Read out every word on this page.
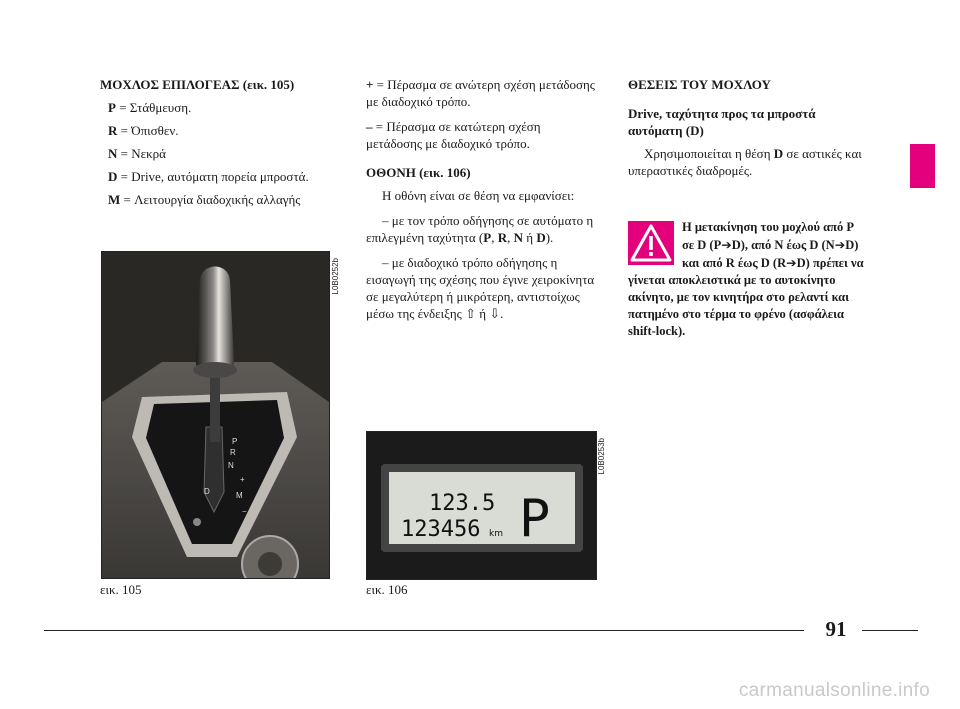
ΜΟΧΛΟΣ ΕΠΙΛΟΓΕΑΣ (εικ. 105)

P = Στάθμευση.

R = Όπισθεν.

N = Νεκρά

D = Drive, αυτόματη πορεία μπροστά.

M = Λειτουργία διαδοχικής αλλαγής

P
R
N
D	M
+
−
L0B0252b
εικ. 105

+ = Πέρασμα σε ανώτερη σχέση μετάδοσης με διαδοχικό τρόπο.

– = Πέρασμα σε κατώτερη σχέση μετάδοσης με διαδοχικό τρόπο.

ΟΘΟΝΗ (εικ. 106)

Η οθόνη είναι σε θέση να εμφανίσει:

– με τον τρόπο οδήγησης σε αυτόματο η επιλεγμένη ταχύτητα (P, R, N ή D).

– με διαδοχικό τρόπο οδήγησης η εισαγωγή της σχέσης που έγινε χειροκίνητα σε μεγαλύτερη ή μικρότερη, αντιστοίχως μέσω της ένδειξης ⇧ ή ⇩.

123.5
123456 km P
L0B0253b
εικ. 106

ΘΕΣΕΙΣ ΤΟΥ ΜΟΧΛΟΥ

Drive, ταχύτητα προς τα μπροστά αυτόματη (D)

Χρησιμοποιείται η θέση D σε αστικές και υπεραστικές διαδρομές.

Η μετακίνηση του μοχλού από P σε D (P➔D), από N έως D (N➔D) και από R έως D (R➔D) πρέπει να γίνεται αποκλειστικά με το αυτοκίνητο ακίνητο, με τον κινητήρα στο ρελαντί και πατημένο στο τέρμα το φρένο (ασφάλεια shift-lock).
91
carmanualsonline.info
